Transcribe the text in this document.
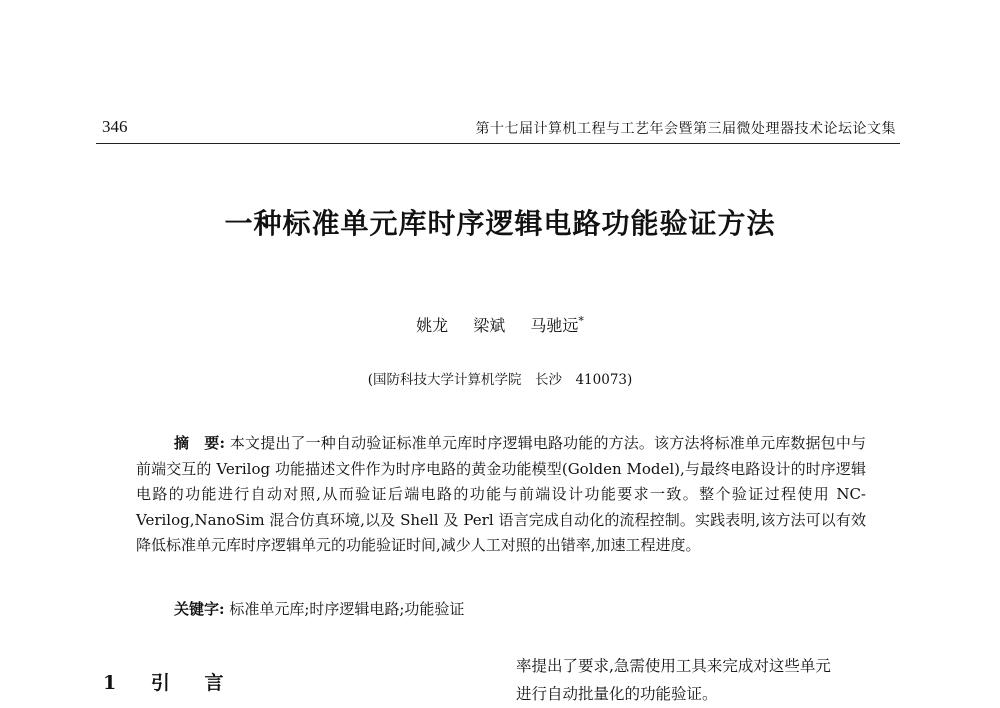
346	第十七届计算机工程与工艺年会暨第三届微处理器技术论坛论文集
一种标准单元库时序逻辑电路功能验证方法
姚龙 梁斌 马驰远*
(国防科技大学计算机学院　长沙　410073)
摘　要: 本文提出了一种自动验证标准单元库时序逻辑电路功能的方法。该方法将标准单元库数据包中与前端交互的 Verilog 功能描述文件作为时序电路的黄金功能模型(Golden Model),与最终电路设计的时序逻辑电路的功能进行自动对照,从而验证后端电路的功能与前端设计功能要求一致。整个验证过程使用 NC-Verilog,NanoSim 混合仿真环境,以及 Shell 及 Perl 语言完成自动化的流程控制。实践表明,该方法可以有效降低标准单元库时序逻辑单元的功能验证时间,减少人工对照的出错率,加速工程进度。
关键字: 标准单元库;时序逻辑电路;功能验证
1 引 言
率提出了要求,急需使用工具来完成对这些单元
进行自动批量化的功能验证。
